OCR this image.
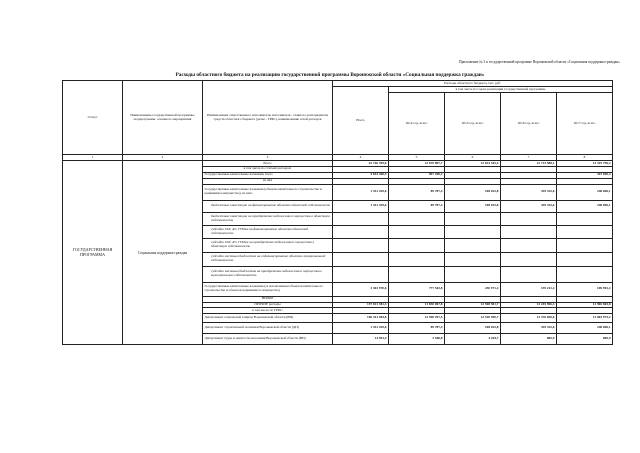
Приложение № 3 к государственной программе Воронежской области «Социальная поддержка граждан»
Расходы областного бюджета на реализацию государственной программы Воронежской области «Социальная поддержка граждан»
Статус	Наименование государственной программы, подпрограммы, основного мероприятия	Наименование ответственного исполнителя, исполнителя - главного распорядителя средств областного бюджета (далее - ГРБС), наименование сетей расходов	Расходы областного бюджета, тыс. руб.				
			Всего	в том числе по годам реализации государственной программы			
				2014 год, всего	2015 год, всего	2016 год, всего	2017 год, всего
1	2	3	4	5	6	7	8
ГОСУДАРСТВЕННАЯ ПРОГРАММА	Социальная поддержка граждан	Всего	61 746 709,0	12 670 897,7	12 633 545,4	12 715 588,1	13 319 796,2
		в том числе по статьям расходов:					
		Государственные капитальные вложения, всего	4 654 400,5	857 200,2			415 690,3
		из них					
		Государственные капитальные вложения (объекты капитального строительства и недвижимое имущество), из них:	1 351 429,6	89 787,4	108 022,8	339 322,6	248 006,1
		бюджетные инвестиции на финансирование объектов областной собственности	1 351 429,6	89 787,4	108 022,8	339 322,6	248 006,1
		бюджетные инвестиции на приобретение недвижимого имущества в областную собственность					
		субсидии ГАУ, АУ, ГУПам на финансирование объектов областной собственности					
		субсидии ГАУ, АУ, ГУПам на приобретение недвижимого имущества в областную собственность					
		субсидии местным бюджетам на софинансирование объектов муниципальной собственности					
		субсидии местным бюджетам на приобретение недвижимого имущества в муниципальную собственность					
		Государственные капитальные вложения (за исключением объектов капитального строительства и объектов недвижимого имущества)	3 302 970,6	777 502,8	230 971,2	139 221,2	169 992,2
		НИОКР					
		ПРОЧИЕ расходы	157 021 381,3	11 830 067,8	12 508 501,7	12 245 906,3	12 906 865,8
		в том числе по ГРБС:					
		Департамент социальной защиты Воронежской области (ВП)	160 341 084,8	12 590 297,5	12 520 590,7	12 376 650,6	13 065 975,2
		Департамент строительной политики Воронежской области (ДП)	1 351 429,6	89 787,4	108 022,8	339 322,6	248 006,1
		Департамент труда и занятости населения Воронежской области (ВП)	14 953,4	3 566,8	4 204,7	800,9	800,9
